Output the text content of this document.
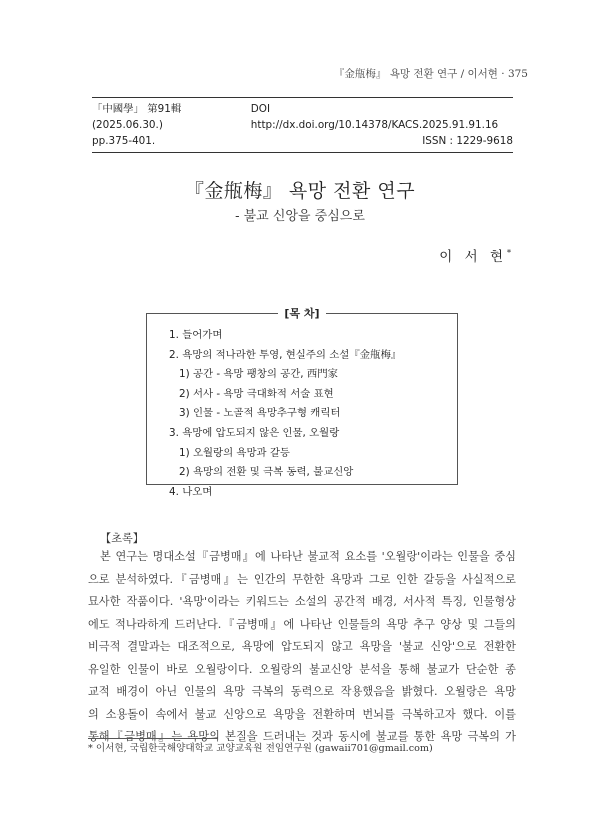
『金甁梅』 욕망 전환 연구 / 이서현 · 375
「中國學」 第91輯 (2025.06.30.)
DOI http://dx.doi.org/10.14378/KACS.2025.91.91.16
pp.375-401.	ISSN : 1229-9618
『金甁梅』 욕망 전환 연구
- 불교 신앙을 중심으로
이 서 현*
[목 차]
1. 들어가며
2. 욕망의 적나라한 투영, 현실주의 소설『金甁梅』
1) 공간 - 욕망 팽창의 공간, 西門家
2) 서사 - 욕망 극대화적 서술 표현
3) 인물 - 노골적 욕망추구형 캐릭터
3. 욕망에 압도되지 않은 인물, 오월랑
1) 오월랑의 욕망과 갈등
2) 욕망의 전환 및 극복 동력, 불교신앙
4. 나오며
【초록】
본 연구는 명대소설『금병매』에 나타난 불교적 요소를 '오월랑'이라는 인물을 중심
으로 분석하였다.『금병매』는 인간의 무한한 욕망과 그로 인한 갈등을 사실적으로
묘사한 작품이다. '욕망'이라는 키워드는 소설의 공간적 배경, 서사적 특징, 인물형상
에도 적나라하게 드러난다.『금병매』에 나타난 인물들의 욕망 추구 양상 및 그들의
비극적 결말과는 대조적으로, 욕망에 압도되지 않고 욕망을 '불교 신앙'으로 전환한
유일한 인물이 바로 오월랑이다. 오월랑의 불교신앙 분석을 통해 불교가 단순한 종
교적 배경이 아닌 인물의 욕망 극복의 동력으로 작용했음을 밝혔다. 오월랑은 욕망
의 소용돌이 속에서 불교 신앙으로 욕망을 전환하며 번뇌를 극복하고자 했다. 이를
통해『금병매』는 욕망의 본질을 드러내는 것과 동시에 불교를 통한 욕망 극복의 가
* 이서현, 국립한국해양대학교 교양교육원 전임연구원 (gawaii701@gmail.com)
